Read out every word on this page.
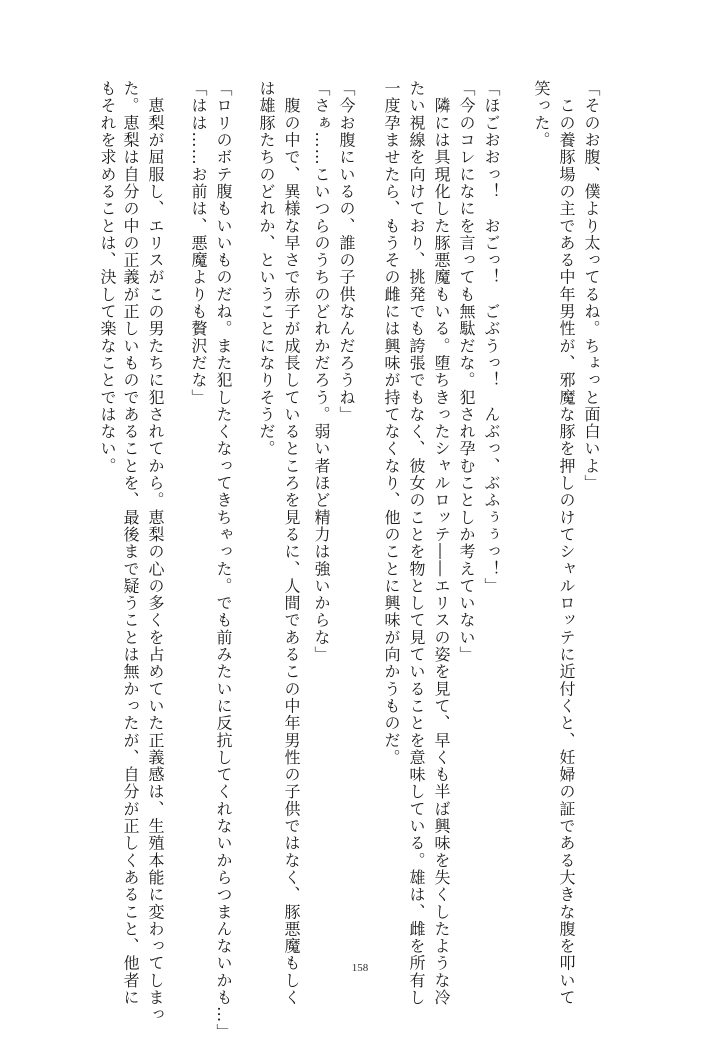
「そのお腹、僕より太ってるね。ちょっと面白いよ」
　この養豚場の主である中年男性が、邪魔な豚を押しのけてシャルロッテに近付くと、妊婦の証である大きな腹を叩いて
笑った。
「ほごおおっ！　おごっ！　ごぶうっ！　んぶっ、ぶふぅぅっ！」
「今のコレになにを言っても無駄だな。犯され孕むことしか考えていない」
　隣には具現化した豚悪魔もいる。堕ちきったシャルロッテ――エリスの姿を見て、早くも半ば興味を失くしたような冷
たい視線を向けており、挑発でも誇張でもなく、彼女のことを物として見ていることを意味している。雄は、雌を所有し
一度孕ませたら、もうその雌には興味が持てなくなり、他のことに興味が向かうものだ。
「今お腹にいるの、誰の子供なんだろうね」
「さぁ……こいつらのうちのどれかだろう。弱い者ほど精力は強いからな」
　腹の中で、異様な早さで赤子が成長しているところを見るに、人間であるこの中年男性の子供ではなく、豚悪魔もしく
は雄豚たちのどれか、ということになりそうだ。
「ロリのボテ腹もいいものだね。また犯したくなってきちゃった。でも前みたいに反抗してくれないからつまんないかも…」
「はは……お前は、悪魔よりも贅沢だな」
　恵梨が屈服し、エリスがこの男たちに犯されてから。恵梨の心の多くを占めていた正義感は、生殖本能に変わってしまっ
た。恵梨は自分の中の正義が正しいものであることを、最後まで疑うことは無かったが、自分が正しくあること、他者に
もそれを求めることは、決して楽なことではない。
158
